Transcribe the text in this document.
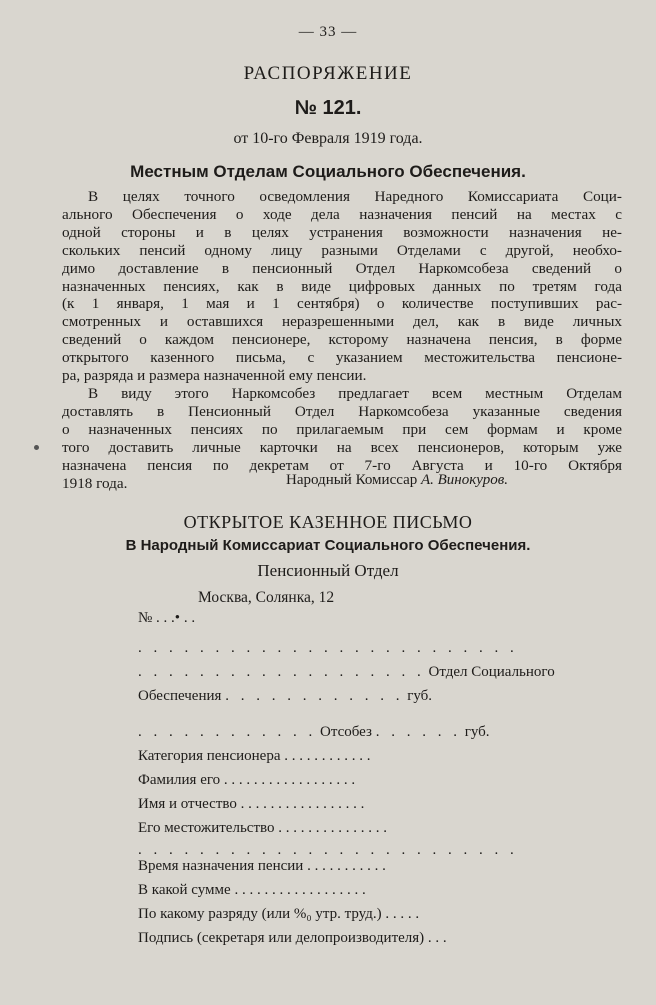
— 33 —
РАСПОРЯЖЕНИЕ
№ 121.
от 10-го Февраля 1919 года.
Местным Отделам Социального Обеспечения.
В целях точного осведомления Наредного Комиссариата Соци-
ального Обеспечения о ходе дела назначения пенсий на местах с
одной стороны и в целях устранения возможности назначения не-
скольких пенсий одному лицу разными Отделами с другой, необхо-
димо доставление в пенсионный Отдел Наркомсобеза сведений о
назначенных пенсиях, как в виде цифровых данных по третям года
(к 1 января, 1 мая и 1 сентября) о количестве поступивших рас-
смотренных и оставшихся неразрешенными дел, как в виде личных
сведений о каждом пенсионере, ксторому назначена пенсия, в форме
открытого казенного письма, с указанием местожительства пенсионе-
ра, разряда и размера назначенной ему пенсии.
В виду этого Наркомсобез предлагает всем местным Отделам
доставлять в Пенсионный Отдел Наркомсобеза указанные сведения
о назначенных пенсиях по прилагаемым при сем формам и кроме
того доставить личные карточки на всех пенсионеров, которым уже
назначена пенсия по декретам от 7-го Августа и 10-го Октября
1918 года.	Народный Комиссар А. Винокуров.
ОТКРЫТОЕ КАЗЕННОЕ ПИСЬМО
В Народный Комиссариат Социального Обеспечения.
Пенсионный Отдел
Москва, Солянка, 12
№ . . .• . .
. . . . . . . . . . . . . . . . . . . . . . . . .
. . . . . . . . . . . . . . . . . . . Отдел Социального
Обеспечения . . . . . . . . . . . . губ.
. . . . . . . . . . . . Отсобез . . . . . . губ.
Категория пенсионера . . . . . . . . . . . .
Фамилия его . . . . . . . . . . . . . . . . . .
Имя и отчество . . . . . . . . . . . . . . . . .
Его местожительство . . . . . . . . . . . . . . .
. . . . . . . . . . . . . . . . . . . . . . . . .
Время назначения пенсии . . . . . . . . . . .
В какой сумме . . . . . . . . . . . . . . . . . .
По какому разряду (или %₀ утр. труд.) . . . . .
Подпись (секретаря или делопроизводителя) . . .
